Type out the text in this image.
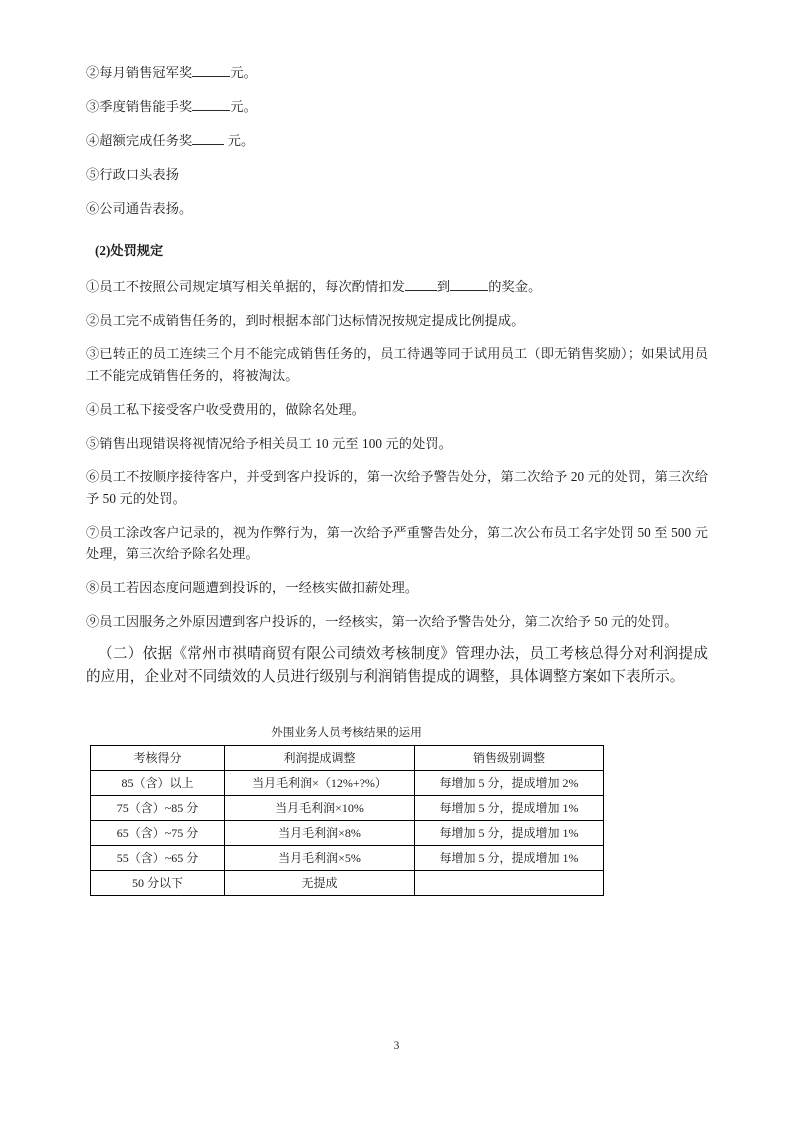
②每月销售冠军奖	元。

③季度销售能手奖	元。

④超额完成任务奖 元。

⑤行政口头表扬

⑥公司通告表扬。

(2)处罚规定

①员工不按照公司规定填写相关单据的，每次酌情扣发 到	的奖金。

②员工完不成销售任务的，到时根据本部门达标情况按规定提成比例提成。

③已转正的员工连续三个月不能完成销售任务的，员工待遇等同于试用员工（即无销售奖励）；如果试用员工不能完成销售任务的，将被淘汰。

④员工私下接受客户收受费用的，做除名处理。

⑤销售出现错误将视情况给予相关员工 10 元至 100 元的处罚。

⑥员工不按顺序接待客户，并受到客户投诉的，第一次给予警告处分，第二次给予 20 元的处罚，第三次给予 50 元的处罚。

⑦员工涂改客户记录的，视为作弊行为，第一次给予严重警告处分，第二次公布员工名字处罚 50 至 500 元处理，第三次给予除名处理。

⑧员工若因态度问题遭到投诉的，一经核实做扣薪处理。

⑨员工因服务之外原因遭到客户投诉的，一经核实，第一次给予警告处分，第二次给予 50 元的处罚。

（二）依据《常州市祺晴商贸有限公司绩效考核制度》管理办法，员工考核总得分对利润提成的应用，企业对不同绩效的人员进行级别与利润销售提成的调整，具体调整方案如下表所示。

外围业务人员考核结果的运用
考核得分	利润提成调整	销售级别调整
85（含）以上	当月毛利润×（12%+?%）	每增加 5 分，提成增加 2%
75（含）~85 分	当月毛利润×10%	每增加 5 分，提成增加 1%
65（含）~75 分	当月毛利润×8%	每增加 5 分，提成增加 1%
55（含）~65 分	当月毛利润×5%	每增加 5 分，提成增加 1%
50 分以下	无提成	
3
